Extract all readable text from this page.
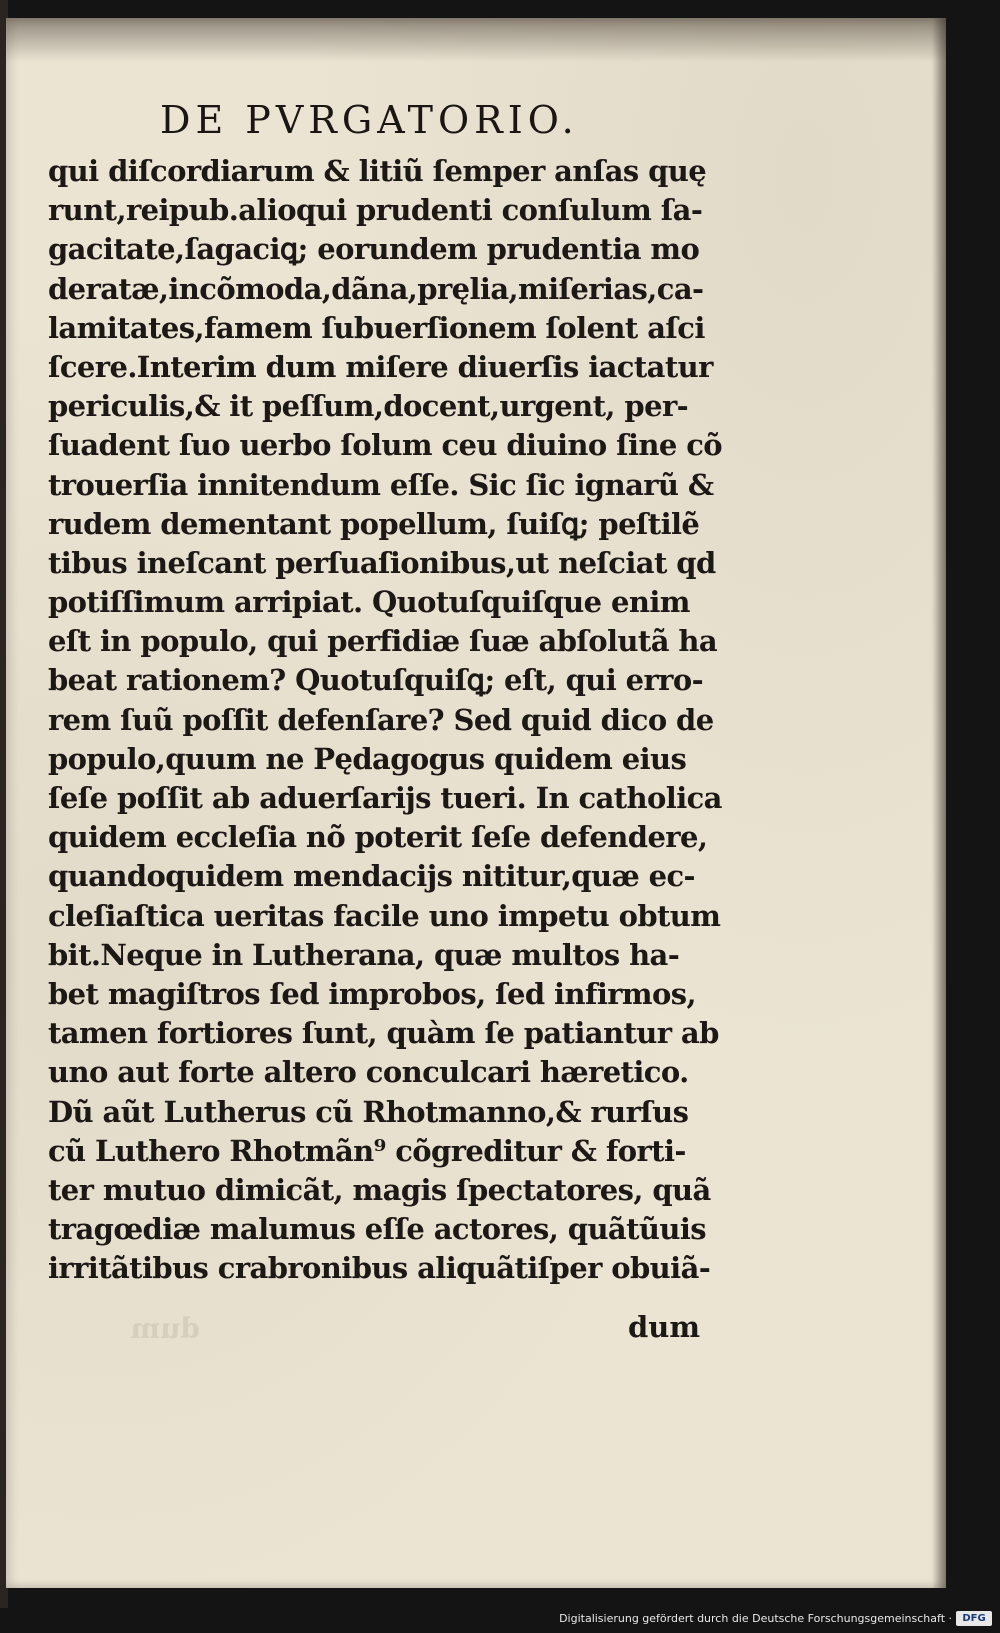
DE PVRGATORIO.
qui diſcordiarum & litiũ ſemper anſas quę
runt,reipub.alioqui prudenti conſulum ſa‑
gacitate,ſagaciꝗ; eorundem prudentia mo
deratæ,incõmoda,dãna,pręlia,miſerias,ca‑
lamitates,famem ſubuerſionem ſolent aſci
ſcere.Interim dum miſere diuerſis iactatur
periculis,& it peſſum,docent,urgent, per‑
ſuadent ſuo uerbo ſolum ceu diuino ſine cõ
trouerſia innitendum eſſe. Sic ſic ignarũ &
rudem dementant popellum, ſuiſꝗ; peſtilẽ
tibus ineſcant perſuaſionibus,ut neſciat qd
potiſſimum arripiat. Quotuſquiſque enim
eſt in populo, qui perfidiæ ſuæ abſolutã ha
beat rationem? Quotuſquiſꝗ; eſt, qui erro‑
rem ſuũ poſſit defenſare? Sed quid dico de
populo,quum ne Pędagogus quidem eius
ſeſe poſſit ab aduerſarijs tueri. In catholica
quidem eccleſia nõ poterit ſeſe defendere,
quandoquidem mendacijs nititur,quæ ec‑
cleſiaſtica ueritas facile uno impetu obtum
bit.Neque in Lutherana, quæ multos ha‑
bet magiſtros ſed improbos, ſed infirmos,
tamen fortiores ſunt, quàm ſe patiantur ab
uno aut forte altero conculcari hæretico.
Dũ aũt Lutherus cũ Rhotmanno,& rurſus
cũ Luthero Rhotmãn⁹ cõgreditur & forti‑
ter mutuo dimicãt, magis ſpectatores, quã
tragœdiæ malumus eſſe actores, quãtũuis
irritãtibus crabronibus aliquãtiſper obuiã‑
dum	dum
Digitalisierung gefördert durch die Deutsche Forschungsgemeinschaft ·	DFG
